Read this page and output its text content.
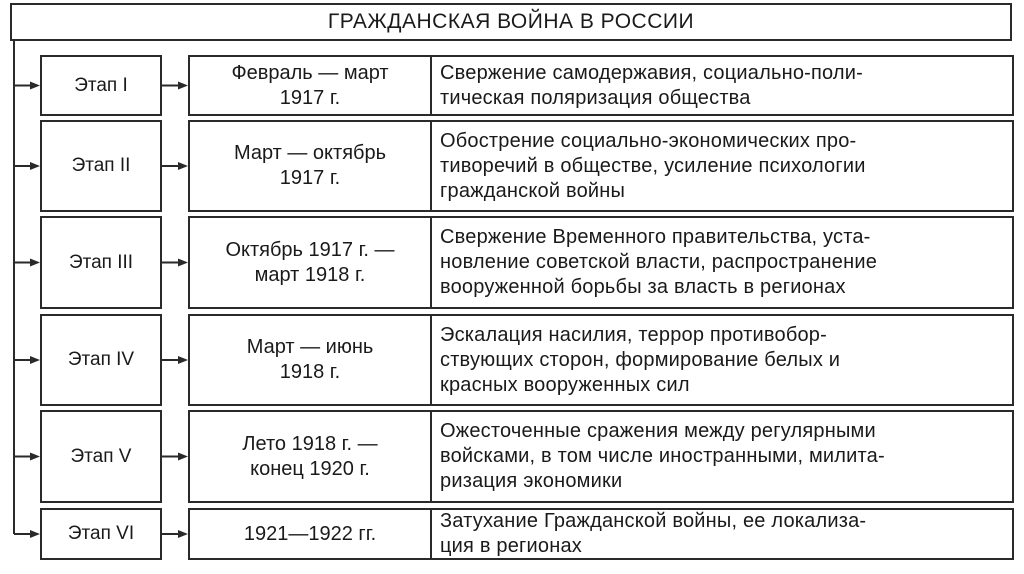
ГРАЖДАНСКАЯ ВОЙНА В РОССИИ
Этап I
Февраль — март
1917 г.
Свержение самодержавия, социально-поли-
тическая поляризация общества
Этап II
Март — октябрь
1917 г.
Обострение социально-экономических про-
тиворечий в обществе, усиление психологии
гражданской войны
Этап III
Октябрь 1917 г. —
март 1918 г.
Свержение Временного правительства, уста-
новление советской власти, распространение
вооруженной борьбы за власть в регионах
Этап IV
Март — июнь
1918 г.
Эскалация насилия, террор противобор-
ствующих сторон, формирование белых и
красных вооруженных сил
Этап V
Лето 1918 г. —
конец 1920 г.
Ожесточенные сражения между регулярными
войсками, в том числе иностранными, милита-
ризация экономики
Этап VI	1921—1922 гг.
Затухание Гражданской войны, ее локализа-
ция в регионах
